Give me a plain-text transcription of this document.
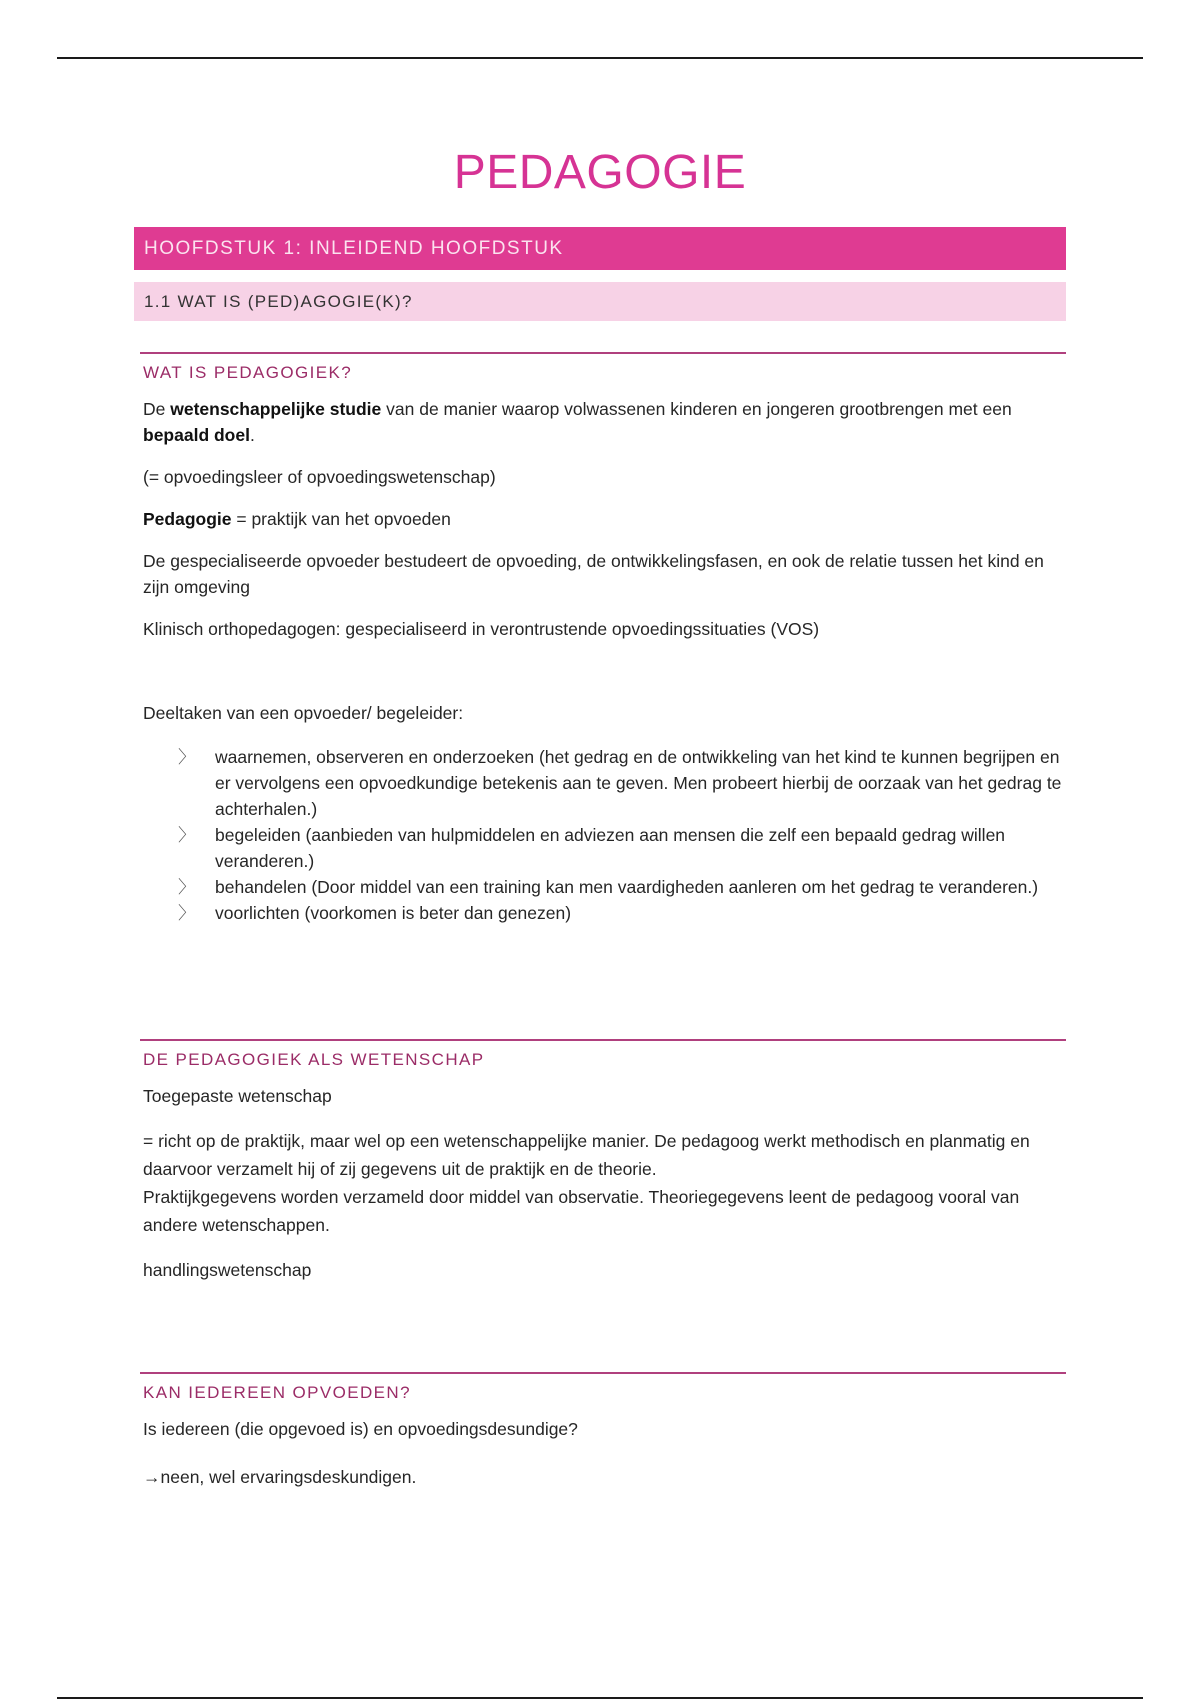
PEDAGOGIE
HOOFDSTUK 1: INLEIDEND HOOFDSTUK
1.1 WAT IS (PED)AGOGIE(K)?
WAT IS PEDAGOGIEK?

De wetenschappelijke studie van de manier waarop volwassenen kinderen en jongeren grootbrengen met een bepaald doel.

(= opvoedingsleer of opvoedingswetenschap)

Pedagogie = praktijk van het opvoeden

De gespecialiseerde opvoeder bestudeert de opvoeding, de ontwikkelingsfasen, en ook de relatie tussen het kind en zijn omgeving

Klinisch orthopedagogen: gespecialiseerd in verontrustende opvoedingssituaties (VOS)

Deeltaken van een opvoeder/ begeleider:

〉 waarnemen, observeren en onderzoeken (het gedrag en de ontwikkeling van het kind te kunnen begrijpen en er vervolgens een opvoedkundige betekenis aan te geven. Men probeert hierbij de oorzaak van het gedrag te achterhalen.)
〉 begeleiden (aanbieden van hulpmiddelen en adviezen aan mensen die zelf een bepaald gedrag willen veranderen.)
〉 behandelen (Door middel van een training kan men vaardigheden aanleren om het gedrag te veranderen.)
〉 voorlichten (voorkomen is beter dan genezen)
DE PEDAGOGIEK ALS WETENSCHAP

Toegepaste wetenschap

= richt op de praktijk, maar wel op een wetenschappelijke manier. De pedagoog werkt methodisch en planmatig en daarvoor verzamelt hij of zij gegevens uit de praktijk en de theorie.

Praktijkgegevens worden verzameld door middel van observatie. Theoriegegevens leent de pedagoog vooral van andere wetenschappen.

handlingswetenschap

KAN IEDEREEN OPVOEDEN?

Is iedereen (die opgevoed is) en opvoedingsdesundige?

→neen, wel ervaringsdeskundigen.
